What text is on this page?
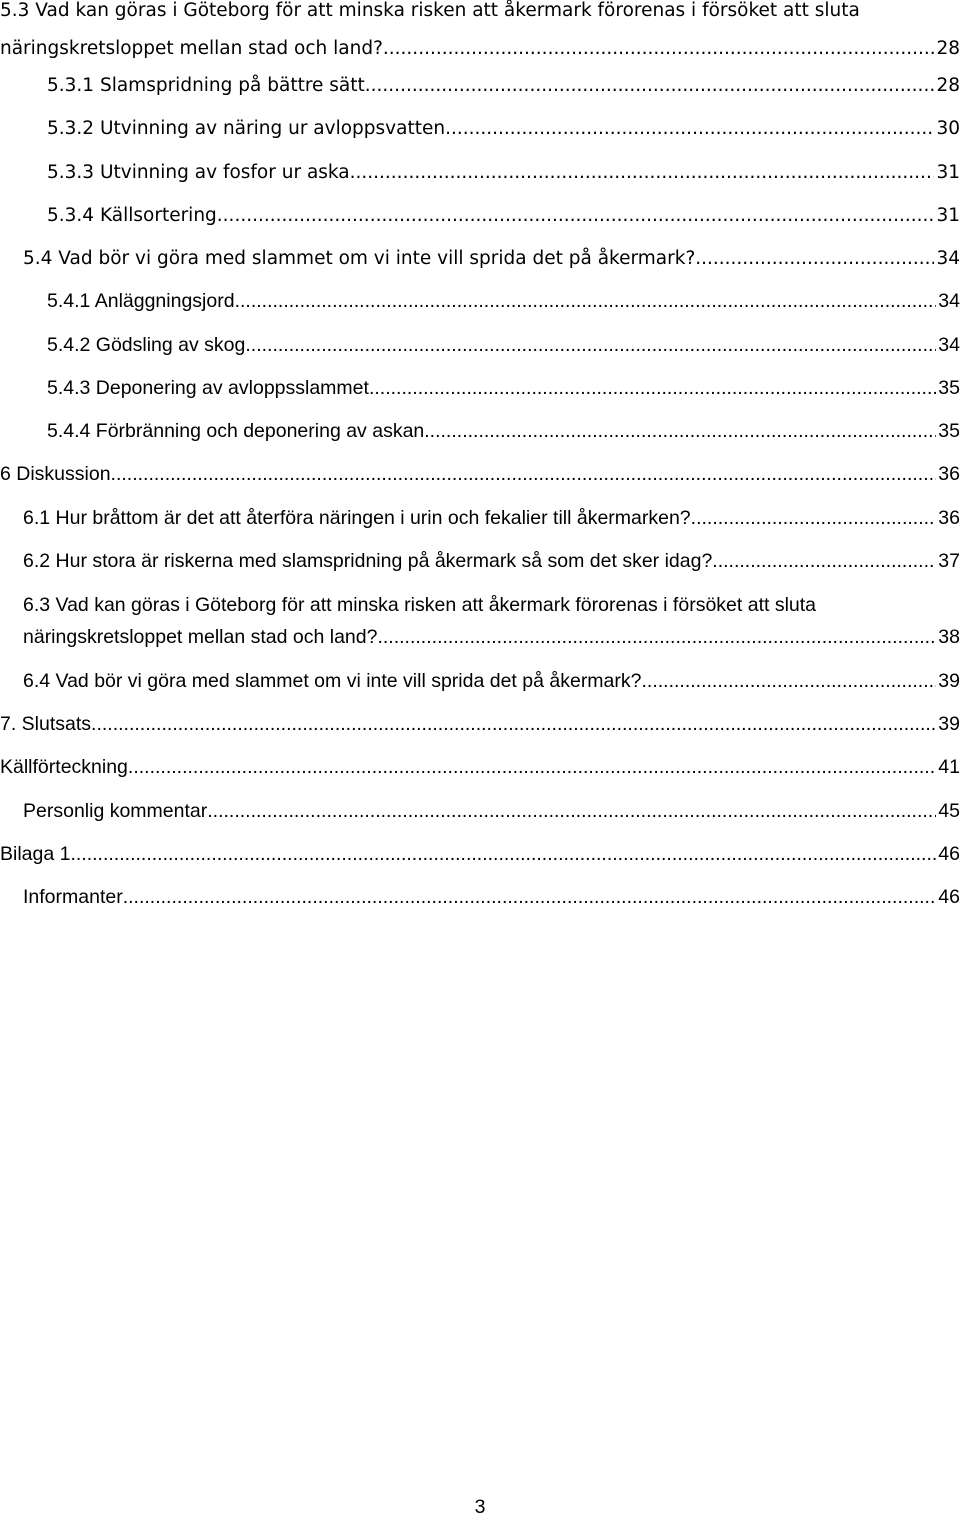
5.3 Vad kan göras i Göteborg för att minska risken att åkermark förorenas i försöket att sluta
näringskretsloppet mellan stad och land? .....	28
5.3.1 Slamspridning på bättre sätt .....	28
5.3.2 Utvinning av näring ur avloppsvatten .....	30
5.3.3 Utvinning av fosfor ur aska .....	31
5.3.4 Källsortering .....	31
5.4 Vad bör vi göra med slammet om vi inte vill sprida det på åkermark? .....	34
5.4.1 Anläggningsjord .....	34
5.4.2 Gödsling av skog .....	34
5.4.3 Deponering av avloppsslammet .....	35
5.4.4 Förbränning och deponering av askan .....	35
6 Diskussion .....	36
6.1 Hur bråttom är det att återföra näringen i urin och fekalier till åkermarken? .....	36
6.2 Hur stora är riskerna med slamspridning på åkermark så som det sker idag? .....	37
6.3 Vad kan göras i Göteborg för att minska risken att åkermark förorenas i försöket att sluta
näringskretsloppet mellan stad och land? .....	38
6.4 Vad bör vi göra med slammet om vi inte vill sprida det på åkermark? .....	39
7. Slutsats .....	39
Källförteckning .....	41
Personlig kommentar .....	45
Bilaga 1 .....	46
Informanter .....	46
3
